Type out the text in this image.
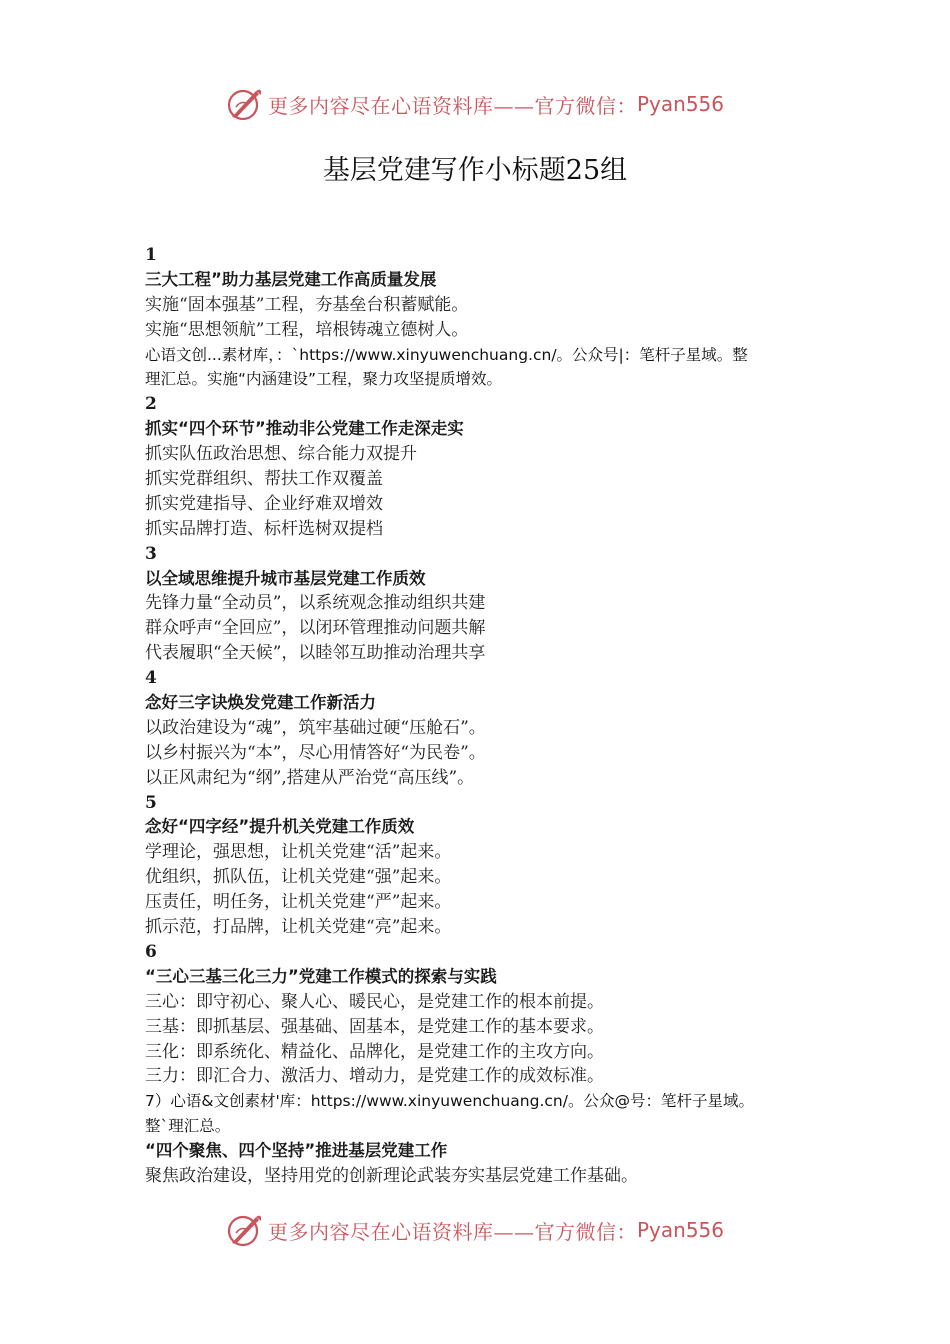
更多内容尽在心语资料库——官方微信： Pyan556
基层党建写作小标题25组
1
三大工程”助力基层党建工作高质量发展
实施“固本强基”工程，夯基垒台积蓄赋能。
实施“思想领航”工程，培根铸魂立德树人。
心语文创...素材库，：`https://www.xinyuwenchuang.cn/。公众号|：笔杆子星域。整
理汇总。实施“内涵建设”工程，聚力攻坚提质增效。
2
抓实“四个环节”推动非公党建工作走深走实
抓实队伍政治思想、综合能力双提升
抓实党群组织、帮扶工作双覆盖
抓实党建指导、企业纾难双增效
抓实品牌打造、标杆选树双提档
3
以全域思维提升城市基层党建工作质效
先锋力量“全动员”，以系统观念推动组织共建
群众呼声“全回应”，以闭环管理推动问题共解
代表履职“全天候”，以睦邻互助推动治理共享
4
念好三字诀焕发党建工作新活力
以政治建设为“魂”，筑牢基础过硬“压舱石”。
以乡村振兴为“本”，尽心用情答好“为民卷”。
以正风肃纪为“纲”,搭建从严治党“高压线”。
5
念好“四字经”提升机关党建工作质效
学理论，强思想，让机关党建“活”起来。
优组织，抓队伍，让机关党建“强”起来。
压责任，明任务，让机关党建“严”起来。
抓示范，打品牌，让机关党建“亮”起来。
6
“三心三基三化三力”党建工作模式的探索与实践
三心：即守初心、聚人心、暖民心，是党建工作的根本前提。
三基：即抓基层、强基础、固基本，是党建工作的基本要求。
三化：即系统化、精益化、品牌化，是党建工作的主攻方向。
三力：即汇合力、激活力、增动力，是党建工作的成效标准。
7）心语&文创素材'库：https://www.xinyuwenchuang.cn/。公众@号：笔杆子星域。
整`理汇总。
“四个聚焦、四个坚持”推进基层党建工作
聚焦政治建设，坚持用党的创新理论武装夯实基层党建工作基础。
更多内容尽在心语资料库——官方微信： Pyan556
